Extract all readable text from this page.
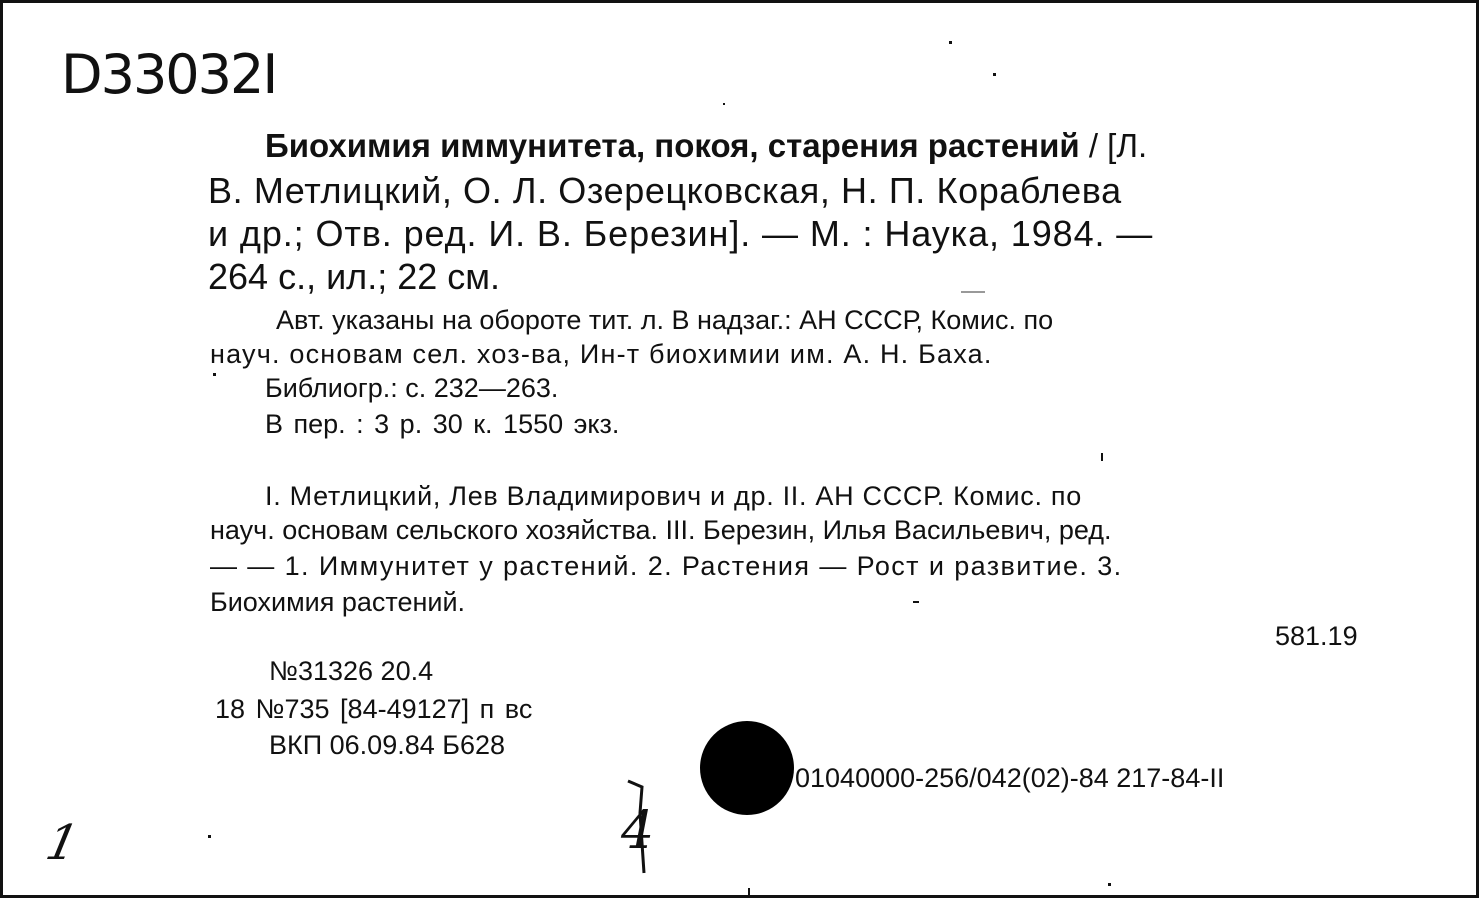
D33032I
Биохимия иммунитета, покоя, старения растений / [Л.
В. Метлицкий, О. Л. Озерецковская, Н. П. Кораблева
и др.; Отв. ред. И. В. Березин]. — М. : Наука, 1984. —
264 с., ил.; 22 см.
Авт. указаны на обороте тит. л. В надзаг.: АН СССР, Комис. по
науч. основам сел. хоз-ва, Ин-т биохимии им. А. Н. Баха.
Библиогр.: с. 232—263.
В пер. : 3 р. 30 к. 1550 экз.
I. Метлицкий, Лев Владимирович и др. II. АН СССР. Комис. по
науч. основам сельского хозяйства. III. Березин, Илья Васильевич, ред.
— — 1. Иммунитет у растений. 2. Растения — Рост и развитие. 3.
Биохимия растений.
581.19
№31326 20.4
18 №735 [84-49127] п вс
ВКП 06.09.84 Б628
01040000-256/042(02)-84 217-84-II
1	4
